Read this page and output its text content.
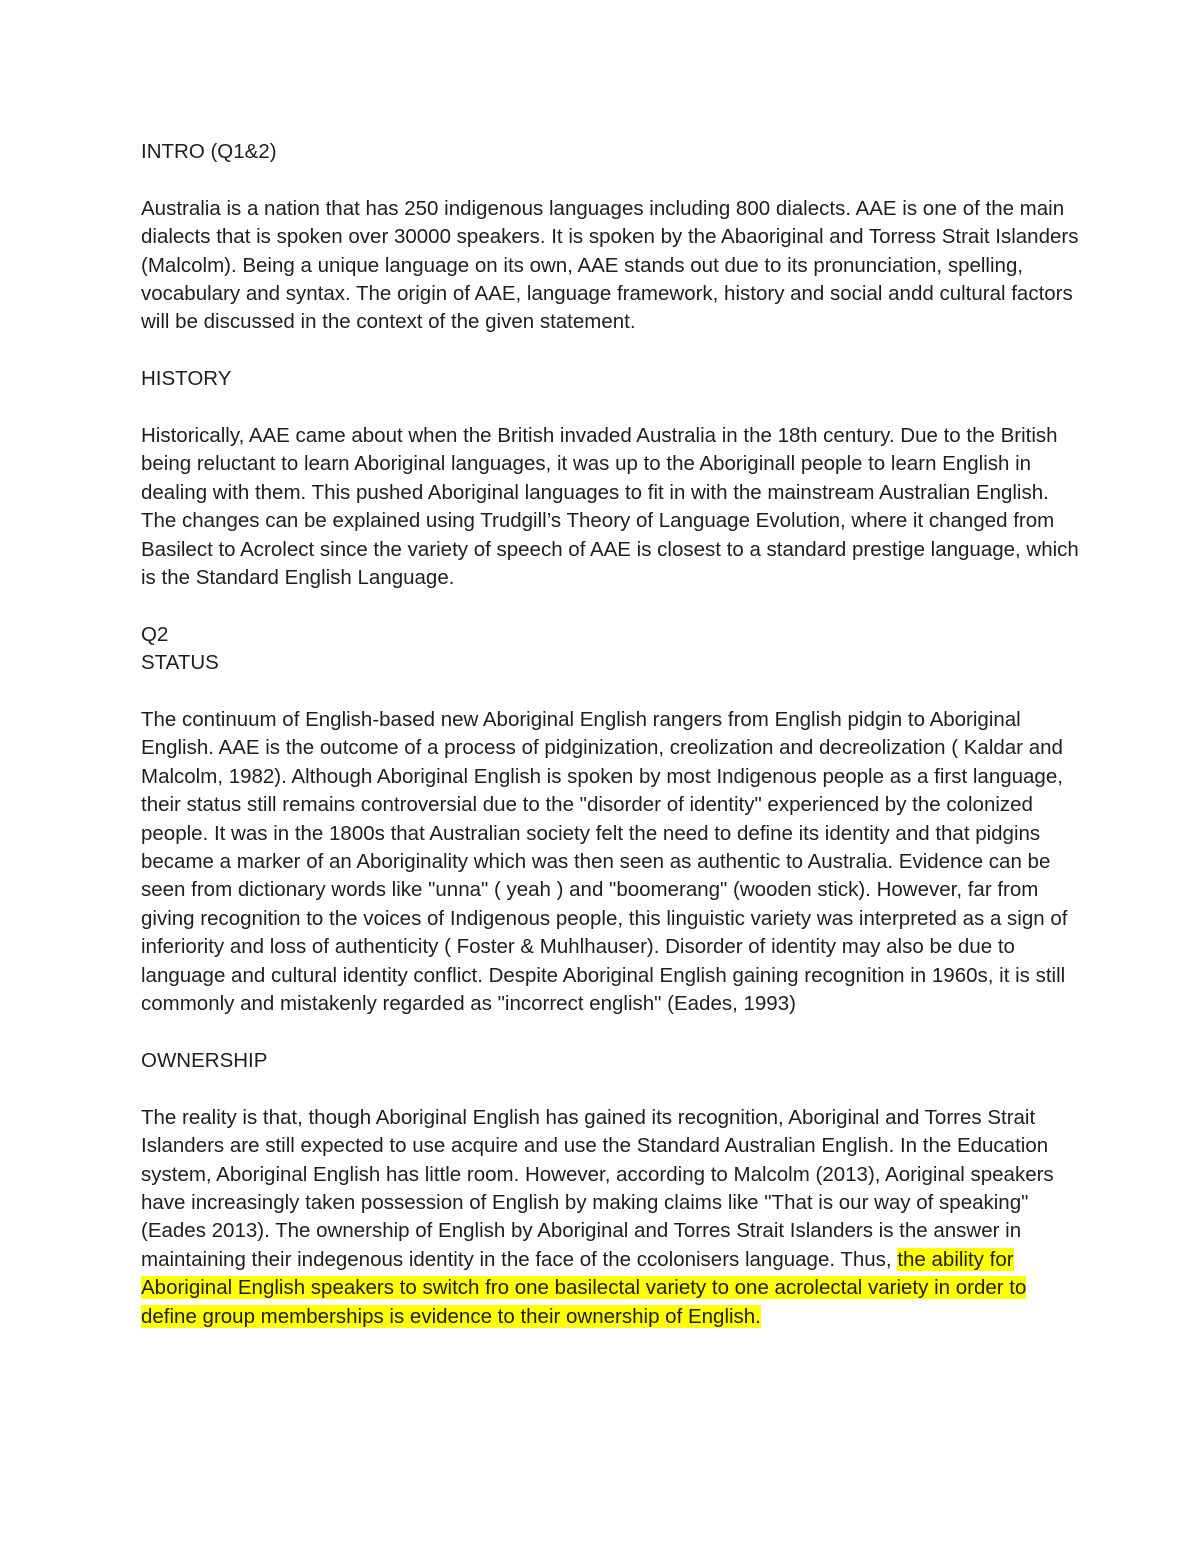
INTRO (Q1&2)

Australia is a nation that has 250 indigenous languages including 800 dialects. AAE is one of the main dialects that is spoken over 30000 speakers. It is spoken by the Abaoriginal and Torress Strait Islanders (Malcolm). Being a unique language on its own, AAE stands out due to its pronunciation, spelling, vocabulary and syntax. The origin of AAE, language framework, history and social andd cultural factors will be discussed in the context of the given statement.

HISTORY

Historically, AAE came about when the British invaded Australia in the 18th century. Due to the British being reluctant to learn Aboriginal languages, it was up to the Aboriginall people to learn English in dealing with them. This pushed Aboriginal languages to fit in with the mainstream Australian English. The changes can be explained using Trudgill’s Theory of Language Evolution, where it changed from Basilect to Acrolect since the variety of speech of AAE is closest to a standard prestige language, which is the Standard English Language.

Q2

STATUS

The continuum of English-based new Aboriginal English rangers from English pidgin to Aboriginal English. AAE is the outcome of a process of pidginization, creolization and decreolization ( Kaldar and Malcolm, 1982). Although Aboriginal English is spoken by most Indigenous people as a first language, their status still remains controversial due to the "disorder of identity" experienced by the colonized people. It was in the 1800s that Australian society felt the need to define its identity and that pidgins became a marker of an Aboriginality which was then seen as authentic to Australia. Evidence can be seen from dictionary words like "unna" ( yeah ) and "boomerang" (wooden stick). However, far from giving recognition to the voices of Indigenous people, this linguistic variety was interpreted as a sign of inferiority and loss of authenticity ( Foster & Muhlhauser). Disorder of identity may also be due to language and cultural identity conflict. Despite Aboriginal English gaining recognition in 1960s, it is still commonly and mistakenly regarded as "incorrect english" (Eades, 1993)

OWNERSHIP

The reality is that, though Aboriginal English has gained its recognition, Aboriginal and Torres Strait Islanders are still expected to use acquire and use the Standard Australian English. In the Education system, Aboriginal English has little room. However, according to Malcolm (2013), Aoriginal speakers have increasingly taken possession of English by making claims like "That is our way of speaking" (Eades 2013). The ownership of English by Aboriginal and Torres Strait Islanders is the answer in maintaining their indegenous identity in the face of the ccolonisers language. Thus, the ability for Aboriginal English speakers to switch fro one basilectal variety to one acrolectal variety in order to define group memberships is evidence to their ownership of English.
